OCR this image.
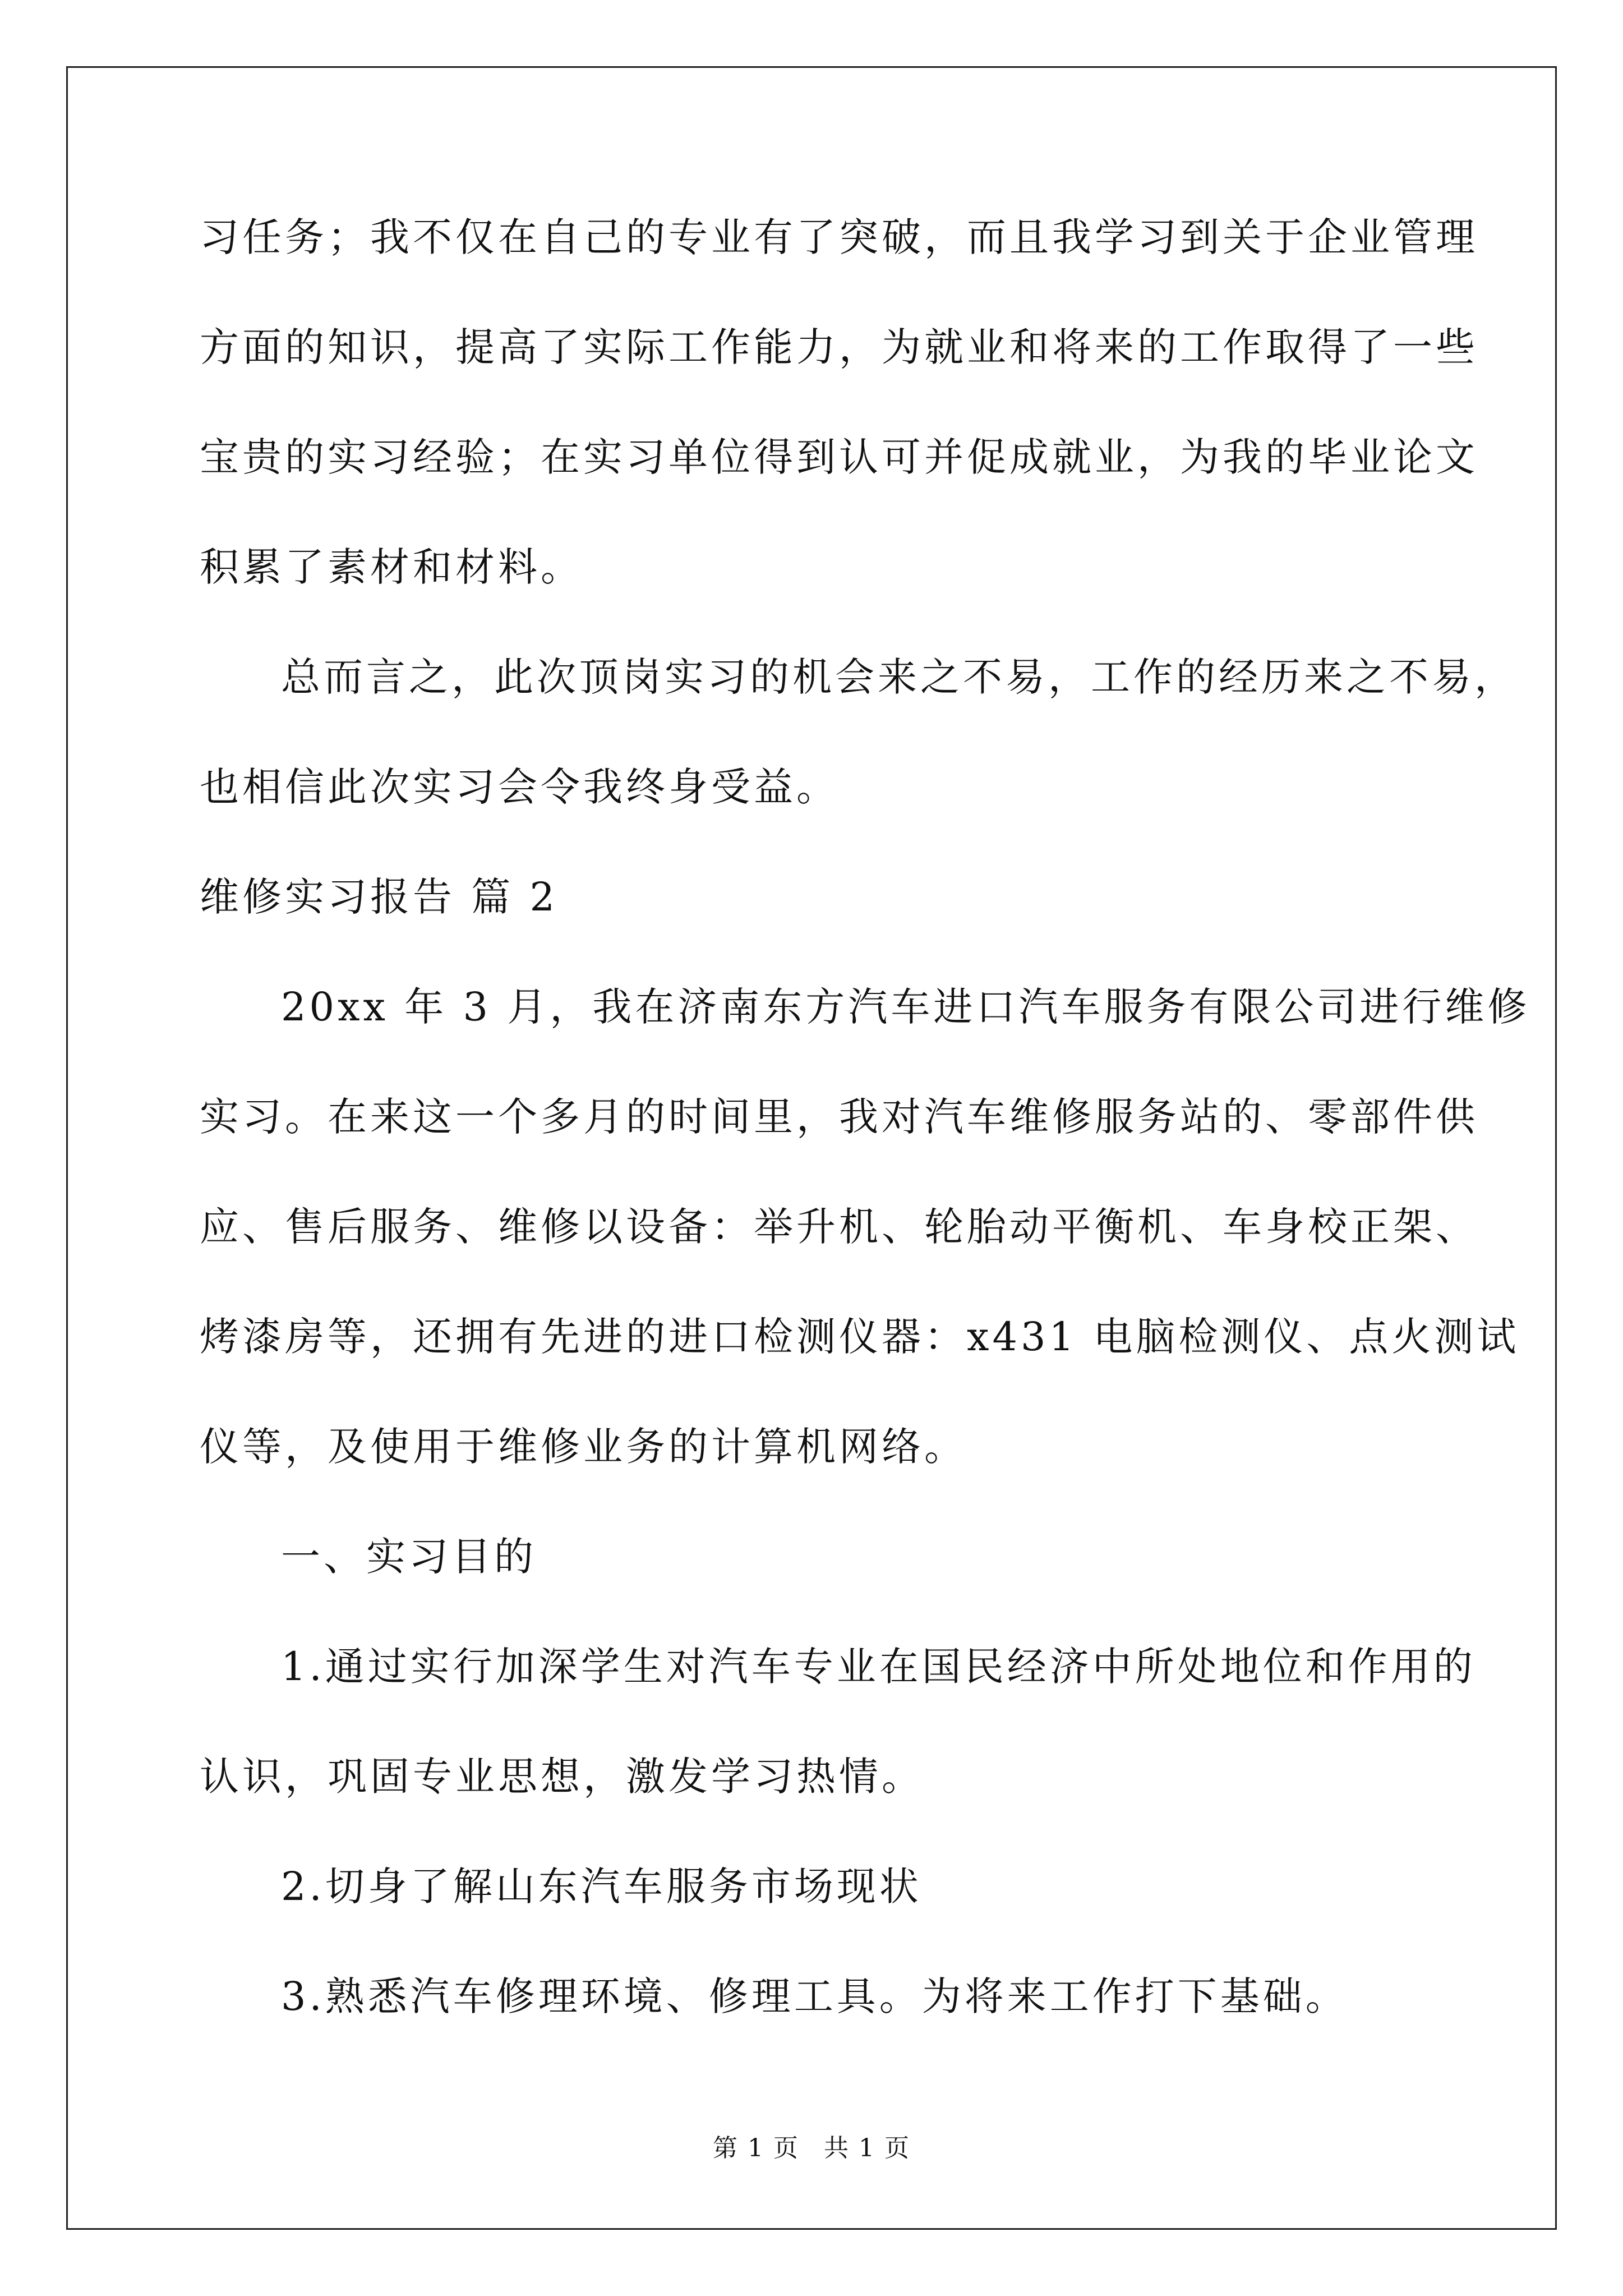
习任务；我不仅在自己的专业有了突破，而且我学习到关于企业管理
方面的知识，提高了实际工作能力，为就业和将来的工作取得了一些
宝贵的实习经验；在实习单位得到认可并促成就业，为我的毕业论文
积累了素材和材料。
总而言之，此次顶岗实习的机会来之不易，工作的经历来之不易，
也相信此次实习会令我终身受益。
维修实习报告 篇 2
20xx 年 3 月，我在济南东方汽车进口汽车服务有限公司进行维修
实习。在来这一个多月的时间里，我对汽车维修服务站的、零部件供
应、售后服务、维修以设备：举升机、轮胎动平衡机、车身校正架、
烤漆房等，还拥有先进的进口检测仪器：x431 电脑检测仪、点火测试
仪等，及使用于维修业务的计算机网络。
一、实习目的
1.通过实行加深学生对汽车专业在国民经济中所处地位和作用的
认识，巩固专业思想，激发学习热情。
2.切身了解山东汽车服务市场现状
3.熟悉汽车修理环境、修理工具。为将来工作打下基础。
第 1 页 共 1 页
